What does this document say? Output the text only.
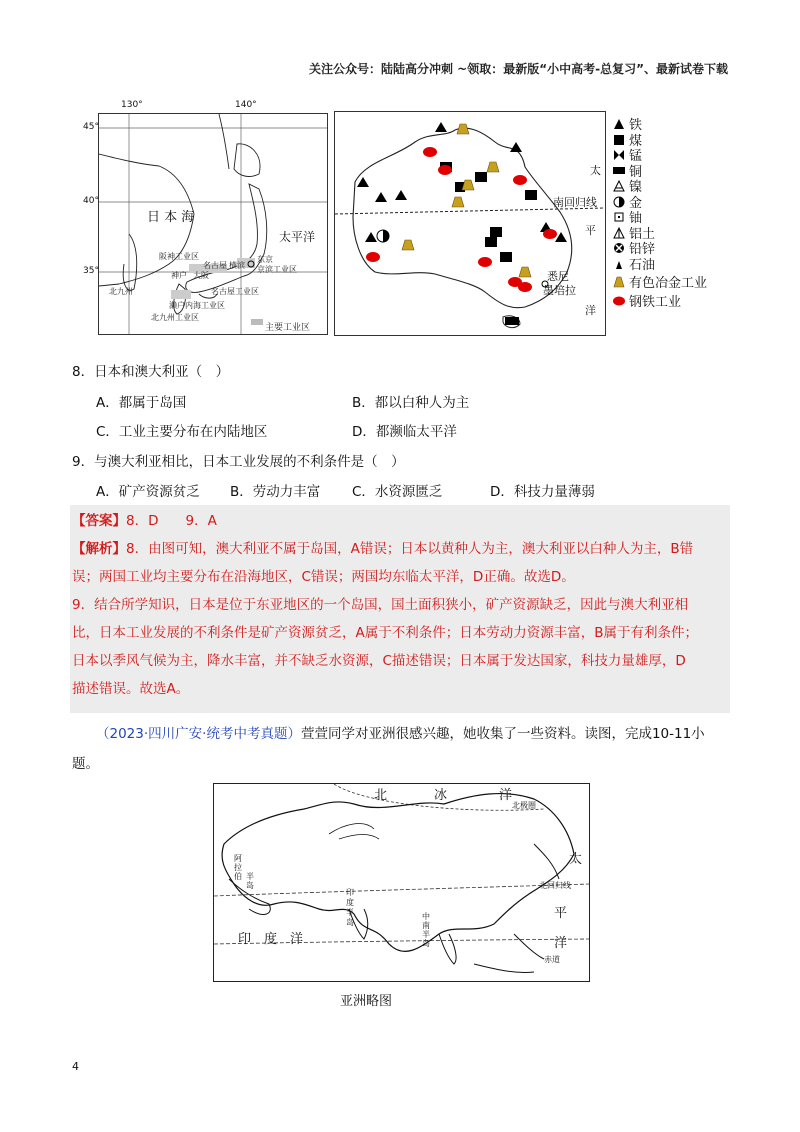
关注公众号：陆陆高分冲刺 ~领取：最新版“小中高考-总复习”、最新试卷下载
130°	140°
45°
40°
35°
日 本 海
太平洋
阪神工业区
神户 大阪
名古屋 横滨
东京
京滨工业区
北九州
濑户内海工业区
名古屋工业区
北九州工业区
主要工业区
南回归线
悉尼
墨培拉
太
平
洋
铁
煤
锰
铜
镍
金
铀
铝土
铅锌
石油
有色冶金工业
钢铁工业
8．日本和澳大利亚（　）
A．都属于岛国	B．都以白种人为主
C．工业主要分布在内陆地区	D．都濒临太平洋
9．与澳大利亚相比，日本工业发展的不利条件是（　）
A．矿产资源贫乏 B．劳动力丰富 C．水资源匮乏	D．科技力量薄弱
【答案】8．D　　9．A
【解析】8．由图可知，澳大利亚不属于岛国，A错误；日本以黄种人为主，澳大利亚以白种人为主，B错
误；两国工业均主要分布在沿海地区，C错误；两国均东临太平洋，D正确。故选D。
9．结合所学知识，日本是位于东亚地区的一个岛国，国土面积狭小，矿产资源缺乏，因此与澳大利亚相
比，日本工业发展的不利条件是矿产资源贫乏，A属于不利条件；日本劳动力资源丰富，B属于有利条件；
日本以季风气候为主，降水丰富，并不缺乏水资源，C描述错误；日本属于发达国家，科技力量雄厚，D
描述错误。故选A。
（2023·四川广安·统考中考真题）萱萱同学对亚洲很感兴趣，她收集了一些资料。读图，完成10-11小
题。
北	冰	洋
北极圈
太
平
洋
北回归线
赤道
印　度　洋
阿
拉
伯 半
岛
印
度
半
岛
中
南
半
岛
亚洲略图
4
